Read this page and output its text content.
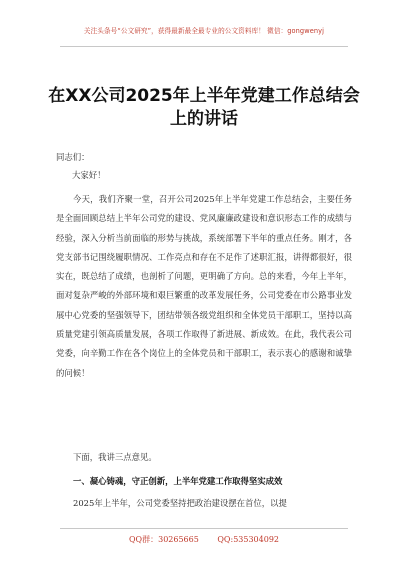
关注头条号“公文研究”，获得最新最全最专业的公文资料库！ 微信：gongwenyj
在XX公司2025年上半年党建工作总结会上的讲话
同志们：
大家好！
今天，我们齐聚一堂，召开公司2025年上半年党建工作总结会，主要任务是全面回顾总结上半年公司党的建设、党风廉廉政建设和意识形态工作的成绩与经验，深入分析当前面临的形势与挑战，系统部署下半年的重点任务。刚才，各党支部书记围绕履职情况、工作亮点和存在不足作了述职汇报，讲得都很好，很实在，既总结了成绩，也剖析了问题，更明确了方向。总的来看，今年上半年，面对复杂严峻的外部环境和艰巨繁重的改革发展任务，公司党委在市公路事业发展中心党委的坚强领导下，团结带领各级党组织和全体党员干部职工，坚持以高质量党建引领高质量发展，各项工作取得了新进展、新成效。在此，我代表公司党委，向辛勤工作在各个岗位上的全体党员和干部职工，表示衷心的感谢和诚挚的问候！
下面，我讲三点意见。
一、凝心铸魂，守正创新，上半年党建工作取得坚实成效
2025年上半年，公司党委坚持把政治建设摆在首位，以提
QQ群：30265665 QQ:535304092
